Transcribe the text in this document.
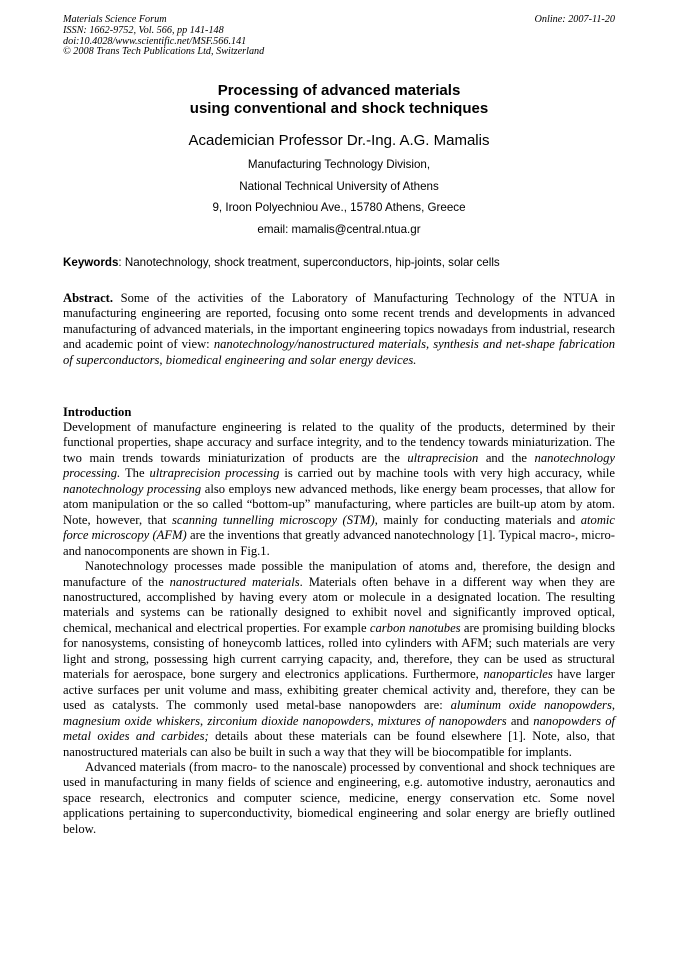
Materials Science Forum
ISSN: 1662-9752, Vol. 566, pp 141-148
doi:10.4028/www.scientific.net/MSF.566.141
© 2008 Trans Tech Publications Ltd, Switzerland
Online: 2007-11-20
Processing of advanced materials
using conventional and shock techniques
Academician Professor Dr.-Ing. A.G. Mamalis
Manufacturing Technology Division,
National Technical University of Athens
9, Iroon Polyechniou Ave., 15780 Athens, Greece
email: mamalis@central.ntua.gr
Keywords: Nanotechnology, shock treatment, superconductors, hip-joints, solar cells
Abstract. Some of the activities of the Laboratory of Manufacturing Technology of the NTUA in manufacturing engineering are reported, focusing onto some recent trends and developments in advanced manufacturing of advanced materials, in the important engineering topics nowadays from industrial, research and academic point of view: nanotechnology/nanostructured materials, synthesis and net-shape fabrication of superconductors, biomedical engineering and solar energy devices.
Introduction

Development of manufacture engineering is related to the quality of the products, determined by their functional properties, shape accuracy and surface integrity, and to the tendency towards miniaturization. The two main trends towards miniaturization of products are the ultraprecision and the nanotechnology processing. The ultraprecision processing is carried out by machine tools with very high accuracy, while nanotechnology processing also employs new advanced methods, like energy beam processes, that allow for atom manipulation or the so called “bottom-up” manufacturing, where particles are built-up atom by atom. Note, however, that scanning tunnelling microscopy (STM), mainly for conducting materials and atomic force microscopy (AFM) are the inventions that greatly advanced nanotechnology [1]. Typical macro-, micro- and nanocomponents are shown in Fig.1.

Nanotechnology processes made possible the manipulation of atoms and, therefore, the design and manufacture of the nanostructured materials. Materials often behave in a different way when they are nanostructured, accomplished by having every atom or molecule in a designated location. The resulting materials and systems can be rationally designed to exhibit novel and significantly improved optical, chemical, mechanical and electrical properties. For example carbon nanotubes are promising building blocks for nanosystems, consisting of honeycomb lattices, rolled into cylinders with AFM; such materials are very light and strong, possessing high current carrying capacity, and, therefore, they can be used as structural materials for aerospace, bone surgery and electronics applications. Furthermore, nanoparticles have larger active surfaces per unit volume and mass, exhibiting greater chemical activity and, therefore, they can be used as catalysts. The commonly used metal-base nanopowders are: aluminum oxide nanopowders, magnesium oxide whiskers, zirconium dioxide nanopowders, mixtures of nanopowders and nanopowders of metal oxides and carbides; details about these materials can be found elsewhere [1]. Note, also, that nanostructured materials can also be built in such a way that they will be biocompatible for implants.

Advanced materials (from macro- to the nanoscale) processed by conventional and shock techniques are used in manufacturing in many fields of science and engineering, e.g. automotive industry, aeronautics and space research, electronics and computer science, medicine, energy conservation etc. Some novel applications pertaining to superconductivity, biomedical engineering and solar energy are briefly outlined below.
